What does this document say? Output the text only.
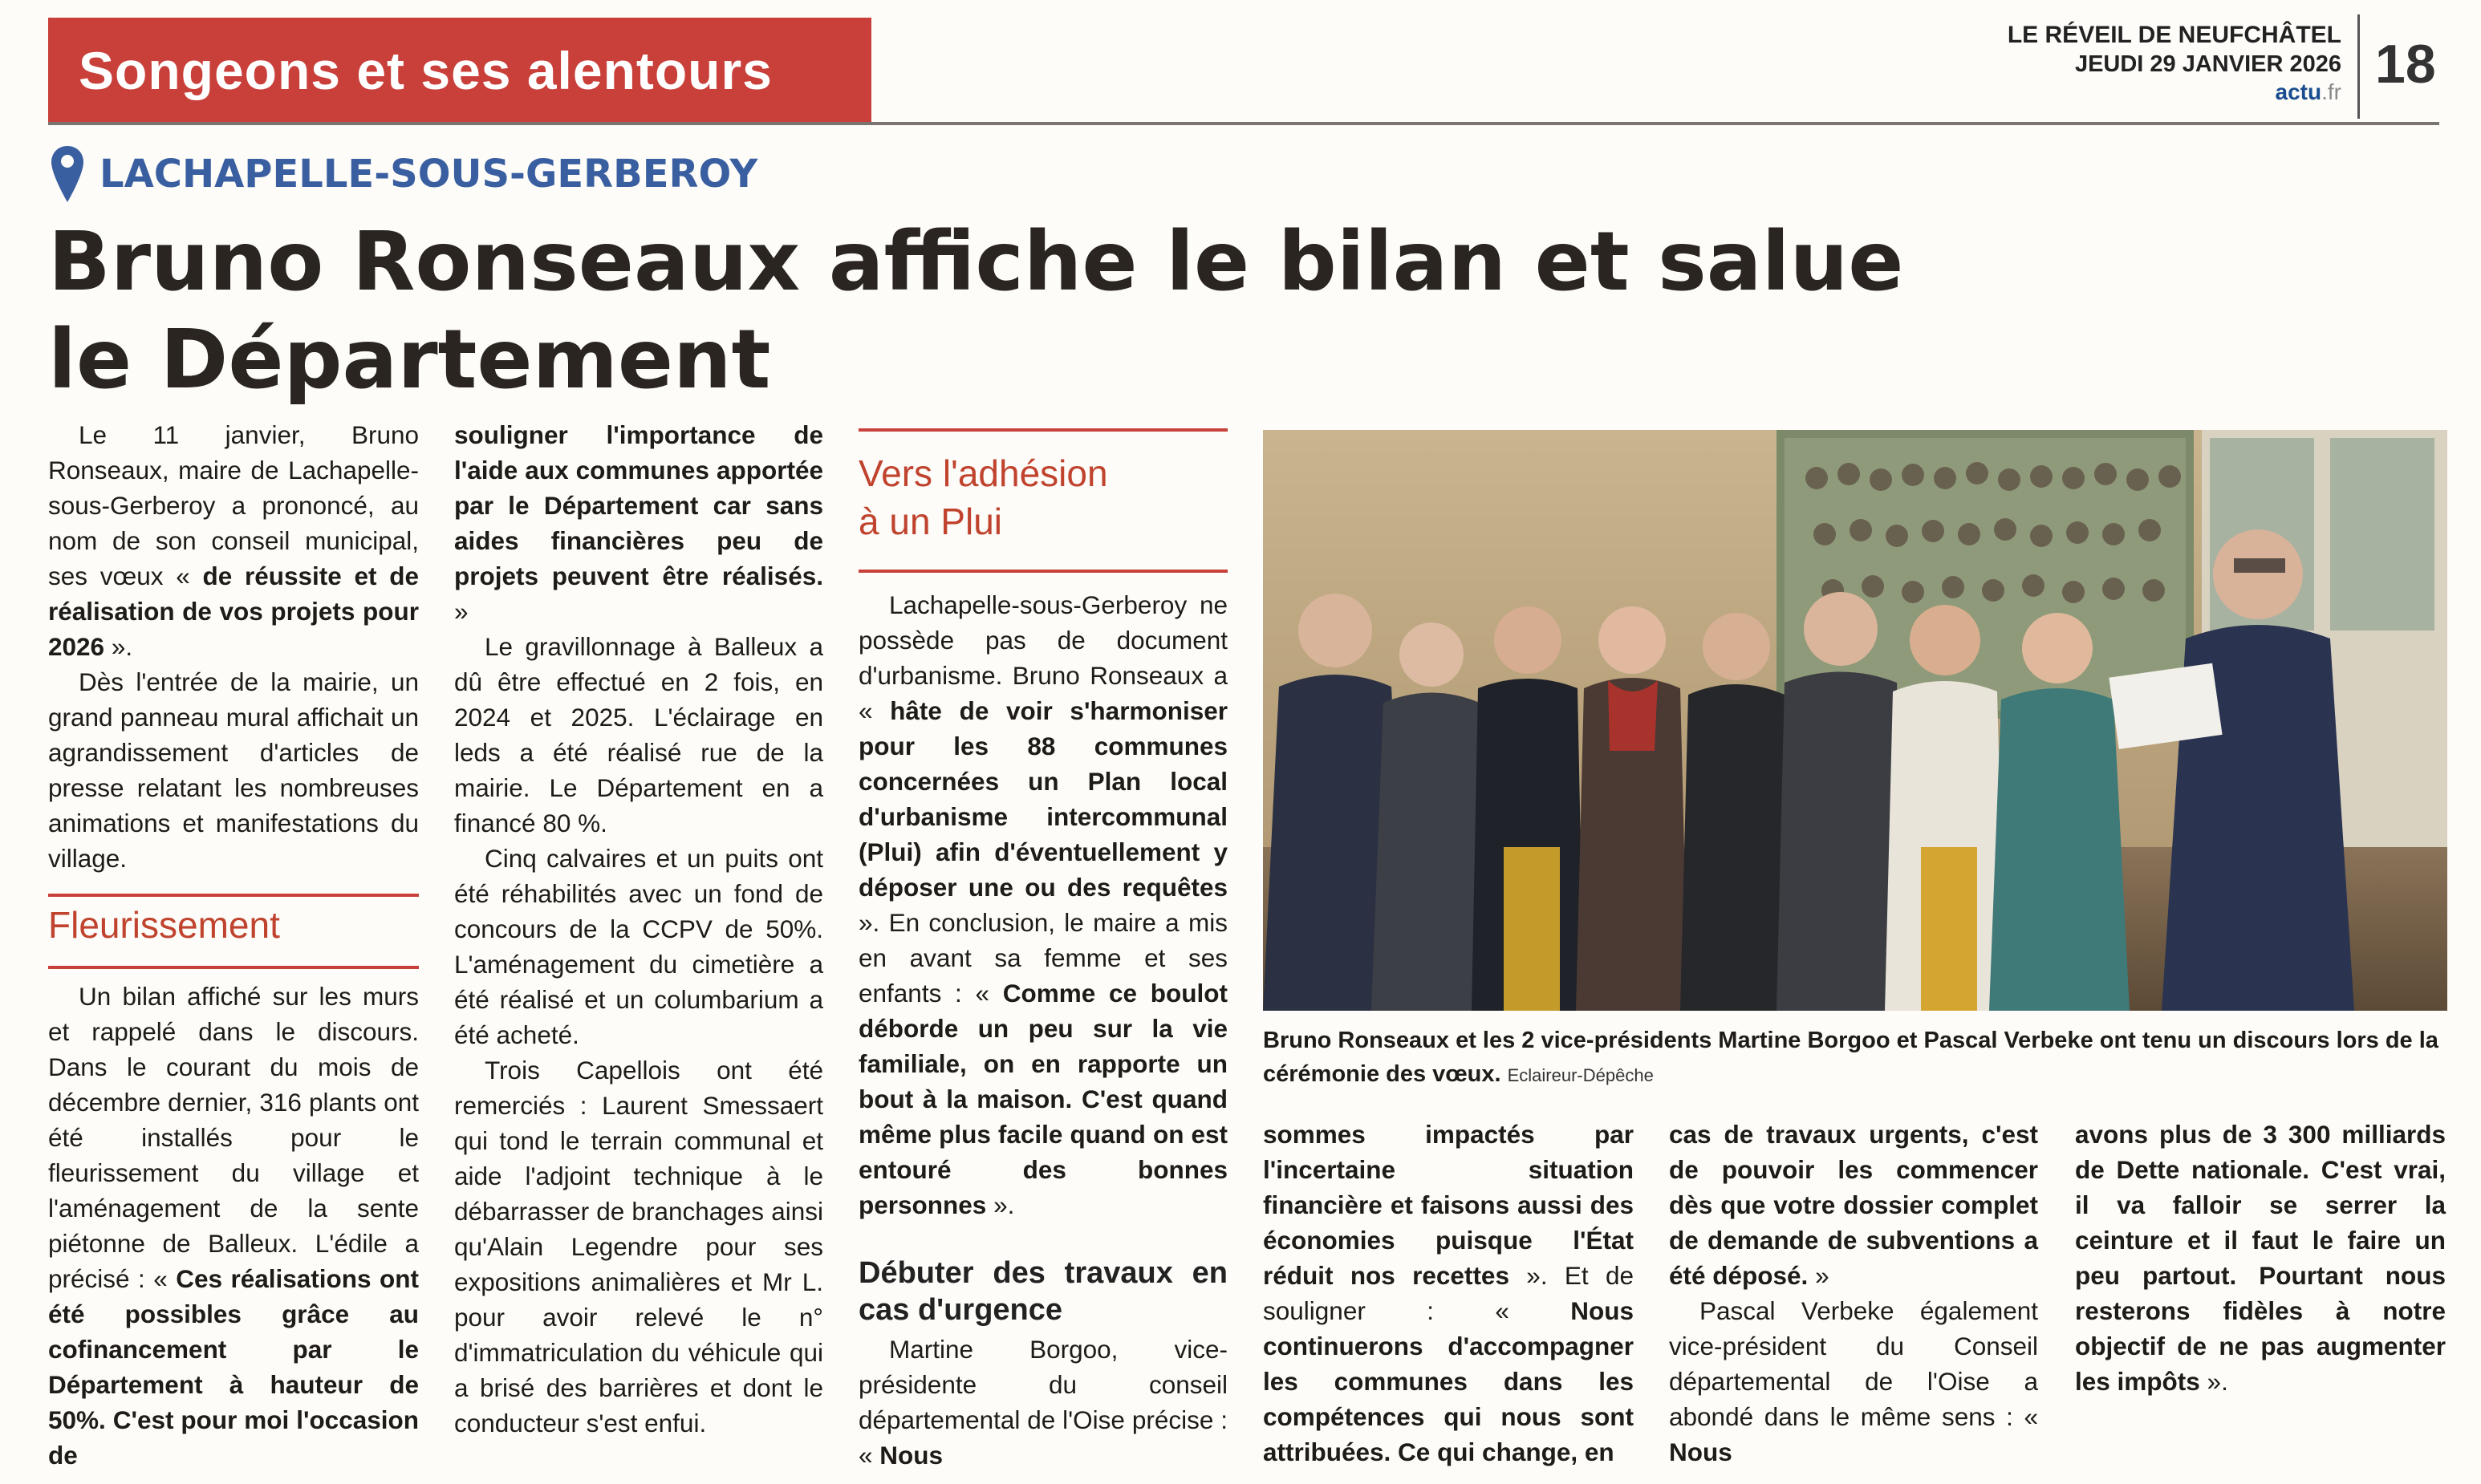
Songeons et ses alentours
LE RÉVEIL DE NEUFCHÂTEL
JEUDI 29 JANVIER 2026
actu.fr 18
LACHAPELLE-SOUS-GERBEROY
Bruno Ronseaux affiche le bilan et salue
le Département

Le 11 janvier, Bruno Ronseaux, maire de Lachapelle-sous-Gerberoy a prononcé, au nom de son conseil municipal, ses vœux « de réussite et de réalisation de vos projets pour 2026 ».

Dès l'entrée de la mairie, un grand panneau mural affichait un agrandissement d'articles de presse relatant les nombreuses animations et manifestations du village.

Fleurissement

Un bilan affiché sur les murs et rappelé dans le discours. Dans le courant du mois de décembre dernier, 316 plants ont été installés pour le fleurissement du village et l'aménagement de la sente piétonne de Balleux. L'édile a précisé : « Ces réalisations ont été possibles grâce au cofinancement par le Département à hauteur de 50%. C'est pour moi l'occasion de

souligner l'importance de l'aide aux communes apportée par le Département car sans aides financières peu de projets peuvent être réalisés. »

Le gravillonnage à Balleux a dû être effectué en 2 fois, en 2024 et 2025. L'éclairage en leds a été réalisé rue de la mairie. Le Département en a financé 80 %.

Cinq calvaires et un puits ont été réhabilités avec un fond de concours de la CCPV de 50%. L'aménagement du cimetière a été réalisé et un columbarium a été acheté.

Trois Capellois ont été remerciés : Laurent Smessaert qui tond le terrain communal et aide l'adjoint technique à le débarrasser de branchages ainsi qu'Alain Legendre pour ses expositions animalières et Mr L. pour avoir relevé le n° d'immatriculation du véhicule qui a brisé des barrières et dont le conducteur s'est enfui.

Vers l'adhésion
à un Plui

Lachapelle-sous-Gerberoy ne possède pas de document d'urbanisme. Bruno Ronseaux a « hâte de voir s'harmoniser pour les 88 communes concernées un Plan local d'urbanisme intercommunal (Plui) afin d'éventuellement y déposer une ou des requêtes ». En conclusion, le maire a mis en avant sa femme et ses enfants : « Comme ce boulot déborde un peu sur la vie familiale, on en rapporte un bout à la maison. C'est quand même plus facile quand on est entouré des bonnes personnes ».

Débuter des travaux en cas d'urgence

Martine Borgoo, vice-présidente du conseil départemental de l'Oise précise : « Nous

Bruno Ronseaux et les 2 vice-présidents Martine Borgoo et Pascal Verbeke ont tenu un discours lors de la cérémonie des vœux. Eclaireur-Dépêche

sommes impactés par l'incertaine situation financière et faisons aussi des économies puisque l'État réduit nos recettes ». Et de souligner : « Nous continuerons d'accompagner les communes dans les compétences qui nous sont attribuées. Ce qui change, en

cas de travaux urgents, c'est de pouvoir les commencer dès que votre dossier complet de demande de subventions a été déposé. »

Pascal Verbeke également vice-président du Conseil départemental de l'Oise a abondé dans le même sens : « Nous

avons plus de 3 300 milliards de Dette nationale. C'est vrai, il va falloir se serrer la ceinture et il faut le faire un peu partout. Pourtant nous resterons fidèles à notre objectif de ne pas augmenter les impôts ».
